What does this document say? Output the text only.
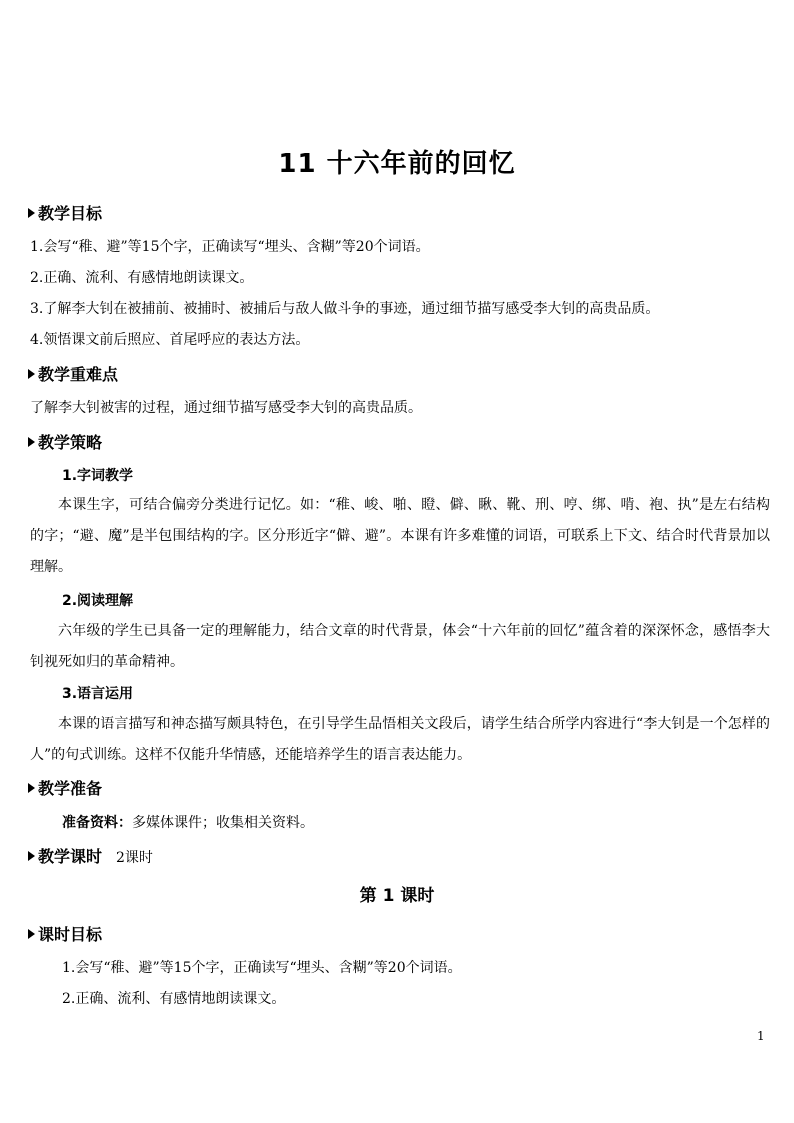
11 十六年前的回忆
教学目标
1.会写“稚、避”等15个字，正确读写“埋头、含糊”等20个词语。
2.正确、流利、有感情地朗读课文。
3.了解李大钊在被捕前、被捕时、被捕后与敌人做斗争的事迹，通过细节描写感受李大钊的高贵品质。
4.领悟课文前后照应、首尾呼应的表达方法。
教学重难点
了解李大钊被害的过程，通过细节描写感受李大钊的高贵品质。
教学策略
1.字词教学
本课生字，可结合偏旁分类进行记忆。如：“稚、峻、啪、瞪、僻、瞅、靴、刑、哼、绑、啃、袍、执”是左右结构的字；“避、魔”是半包围结构的字。区分形近字“僻、避”。本课有许多难懂的词语，可联系上下文、结合时代背景加以理解。
2.阅读理解
六年级的学生已具备一定的理解能力，结合文章的时代背景，体会“十六年前的回忆”蕴含着的深深怀念，感悟李大钊视死如归的革命精神。
3.语言运用
本课的语言描写和神态描写颇具特色，在引导学生品悟相关文段后，请学生结合所学内容进行“李大钊是一个怎样的人”的句式训练。这样不仅能升华情感，还能培养学生的语言表达能力。
教学准备
准备资料：多媒体课件；收集相关资料。
教学课时 2课时
第 1 课时
课时目标
1.会写“稚、避”等15个字，正确读写“埋头、含糊”等20个词语。
2.正确、流利、有感情地朗读课文。
1
